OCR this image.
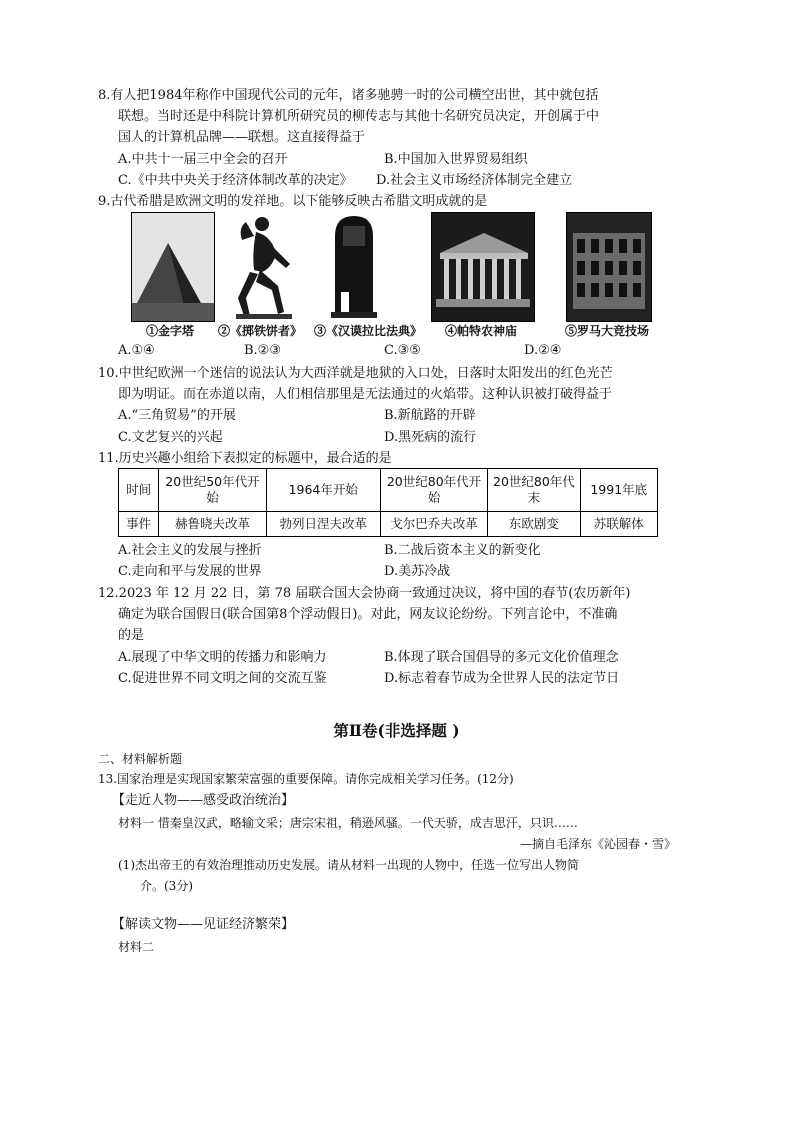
8.有人把1984年称作中国现代公司的元年，诸多驰骋一时的公司横空出世，其中就包括
联想。当时还是中科院计算机所研究员的柳传志与其他十名研究员决定，开创属于中
国人的计算机品牌——联想。这直接得益于
A.中共十一届三中全会的召开	B.中国加入世界贸易组织
C.《中共中央关于经济体制改革的决定》 D.社会主义市场经济体制完全建立
9.古代希腊是欧洲文明的发祥地。以下能够反映古希腊文明成就的是
①金字塔 ②《掷铁饼者》 ③《汉谟拉比法典》 ④帕特农神庙	⑤罗马大竞技场
A.①④	B.②③	C.③⑤	D.②④
10.中世纪欧洲一个迷信的说法认为大西洋就是地狱的入口处，日落时太阳发出的红色光芒
即为明证。而在赤道以南，人们相信那里是无法通过的火焰带。这种认识被打破得益于
A.“三角贸易”的开展	B.新航路的开辟
C.文艺复兴的兴起	D.黑死病的流行
11.历史兴趣小组给下表拟定的标题中，最合适的是
时间	20世纪50年代开始	1964年开始	20世纪80年代开始	20世纪80年代末	1991年底
事件	赫鲁晓夫改革	勃列日涅夫改革	戈尔巴乔夫改革	东欧剧变	苏联解体
A.社会主义的发展与挫折	B.二战后资本主义的新变化
C.走向和平与发展的世界	D.美苏冷战
12.2023 年 12 月 22 日，第 78 届联合国大会协商一致通过决议，将中国的春节(农历新年)
确定为联合国假日(联合国第8个浮动假日)。对此，网友议论纷纷。下列言论中，不准确
的是
A.展现了中华文明的传播力和影响力	B.体现了联合国倡导的多元文化价值理念
C.促进世界不同文明之间的交流互鉴	D.标志着春节成为全世界人民的法定节日
第Ⅱ卷(非选择题 )
二、材料解析题
13.国家治理是实现国家繁荣富强的重要保障。请你完成相关学习任务。(12分)
【走近人物——感受政治统治】
材料一 惜秦皇汉武，略输文采；唐宗宋祖，稍逊风骚。一代天骄，成吉思汗，只识……
—摘自毛泽东《沁园春・雪》
(1)杰出帝王的有效治理推动历史发展。请从材料一出现的人物中，任选一位写出人物简
介。(3分)
【解读文物——见证经济繁荣】
材料二
